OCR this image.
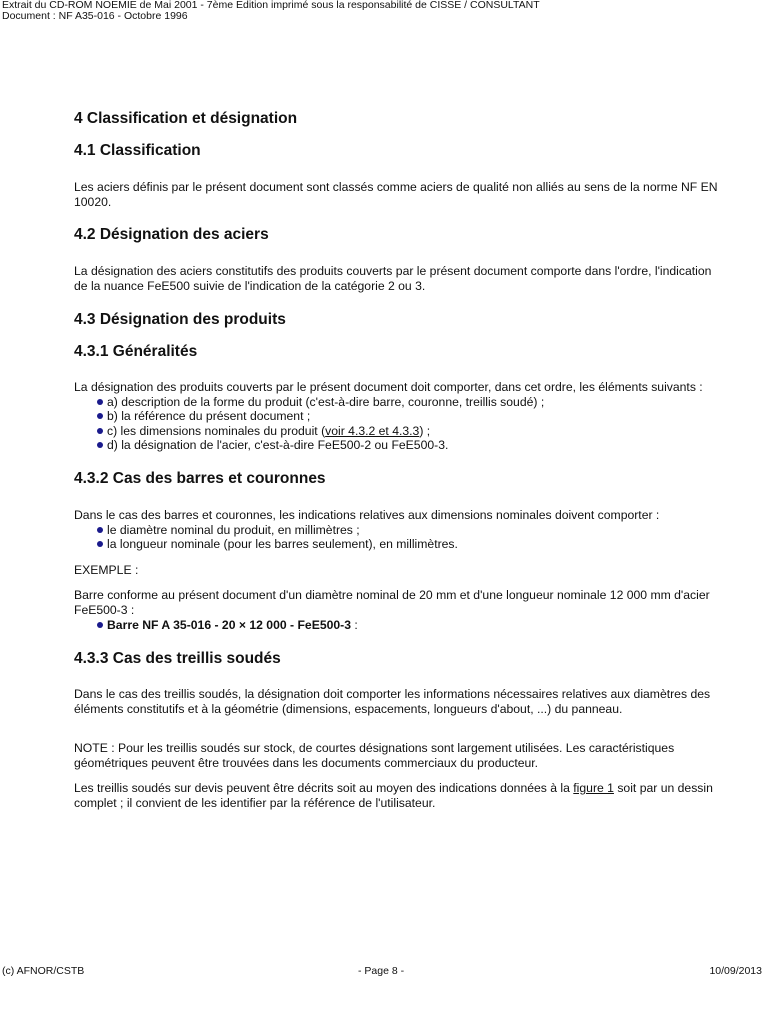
Extrait du CD-ROM NOEMIE de Mai 2001 - 7ème Edition imprimé sous la responsabilité de CISSE / CONSULTANT
Document : NF A35-016 - Octobre 1996
4 Classification et désignation
4.1 Classification
Les aciers définis par le présent document sont classés comme aciers de qualité non alliés au sens de la norme NF EN
10020.
4.2 Désignation des aciers
La désignation des aciers constitutifs des produits couverts par le présent document comporte dans l'ordre, l'indication
de la nuance FeE500 suivie de l'indication de la catégorie 2 ou 3.
4.3 Désignation des produits
4.3.1 Généralités
La désignation des produits couverts par le présent document doit comporter, dans cet ordre, les éléments suivants :
a) description de la forme du produit (c'est-à-dire barre, couronne, treillis soudé) ;
b) la référence du présent document ;
c) les dimensions nominales du produit (voir 4.3.2 et 4.3.3) ;
d) la désignation de l'acier, c'est-à-dire FeE500-2 ou FeE500-3.
4.3.2 Cas des barres et couronnes
Dans le cas des barres et couronnes, les indications relatives aux dimensions nominales doivent comporter :
le diamètre nominal du produit, en millimètres ;
la longueur nominale (pour les barres seulement), en millimètres.
EXEMPLE :
Barre conforme au présent document d'un diamètre nominal de 20 mm et d'une longueur nominale 12 000 mm d'acier
FeE500-3 :
Barre NF A 35-016 - 20 × 12 000 - FeE500-3 :
4.3.3 Cas des treillis soudés
Dans le cas des treillis soudés, la désignation doit comporter les informations nécessaires relatives aux diamètres des
éléments constitutifs et à la géométrie (dimensions, espacements, longueurs d'about, ...) du panneau.
NOTE : Pour les treillis soudés sur stock, de courtes désignations sont largement utilisées. Les caractéristiques
géométriques peuvent être trouvées dans les documents commerciaux du producteur.
Les treillis soudés sur devis peuvent être décrits soit au moyen des indications données à la figure 1 soit par un dessin
complet ; il convient de les identifier par la référence de l'utilisateur.
(c) AFNOR/CSTB	- Page 8 -	10/09/2013
